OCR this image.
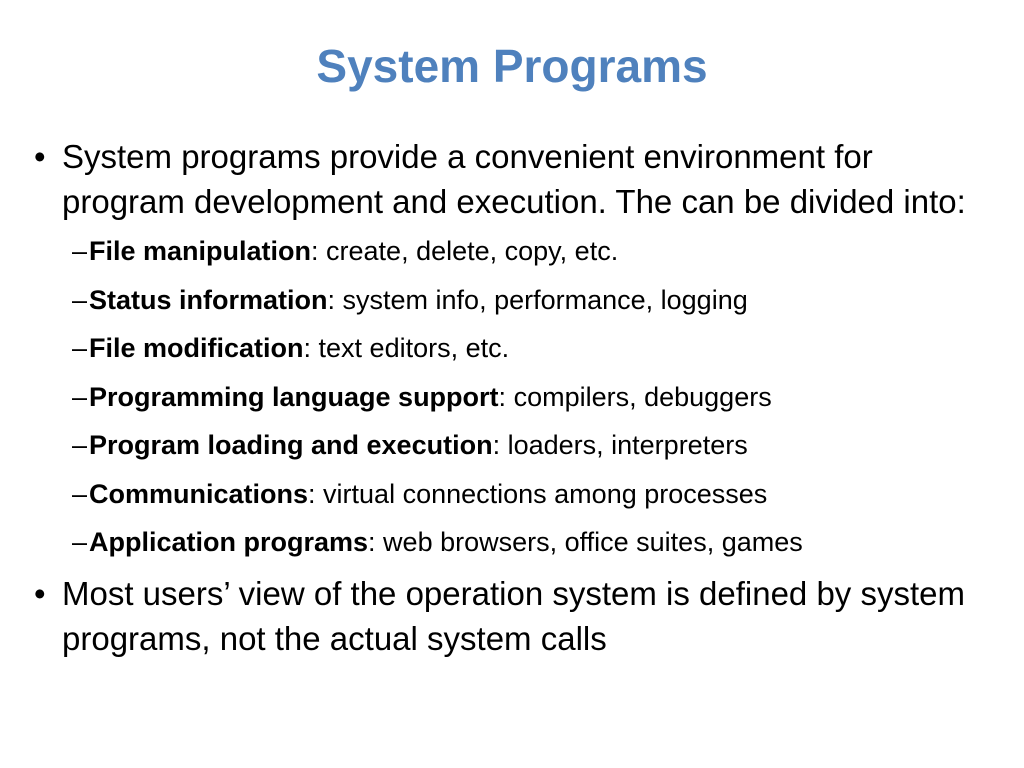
System Programs
• System programs provide a convenient environment for program development and execution. The can be divided into:
– File manipulation: create, delete, copy, etc.
– Status information: system info, performance, logging
– File modification: text editors, etc.
– Programming language support: compilers, debuggers
– Program loading and execution: loaders, interpreters
– Communications: virtual connections among processes
– Application programs: web browsers, office suites, games
• Most users’ view of the operation system is defined by system programs, not the actual system calls
